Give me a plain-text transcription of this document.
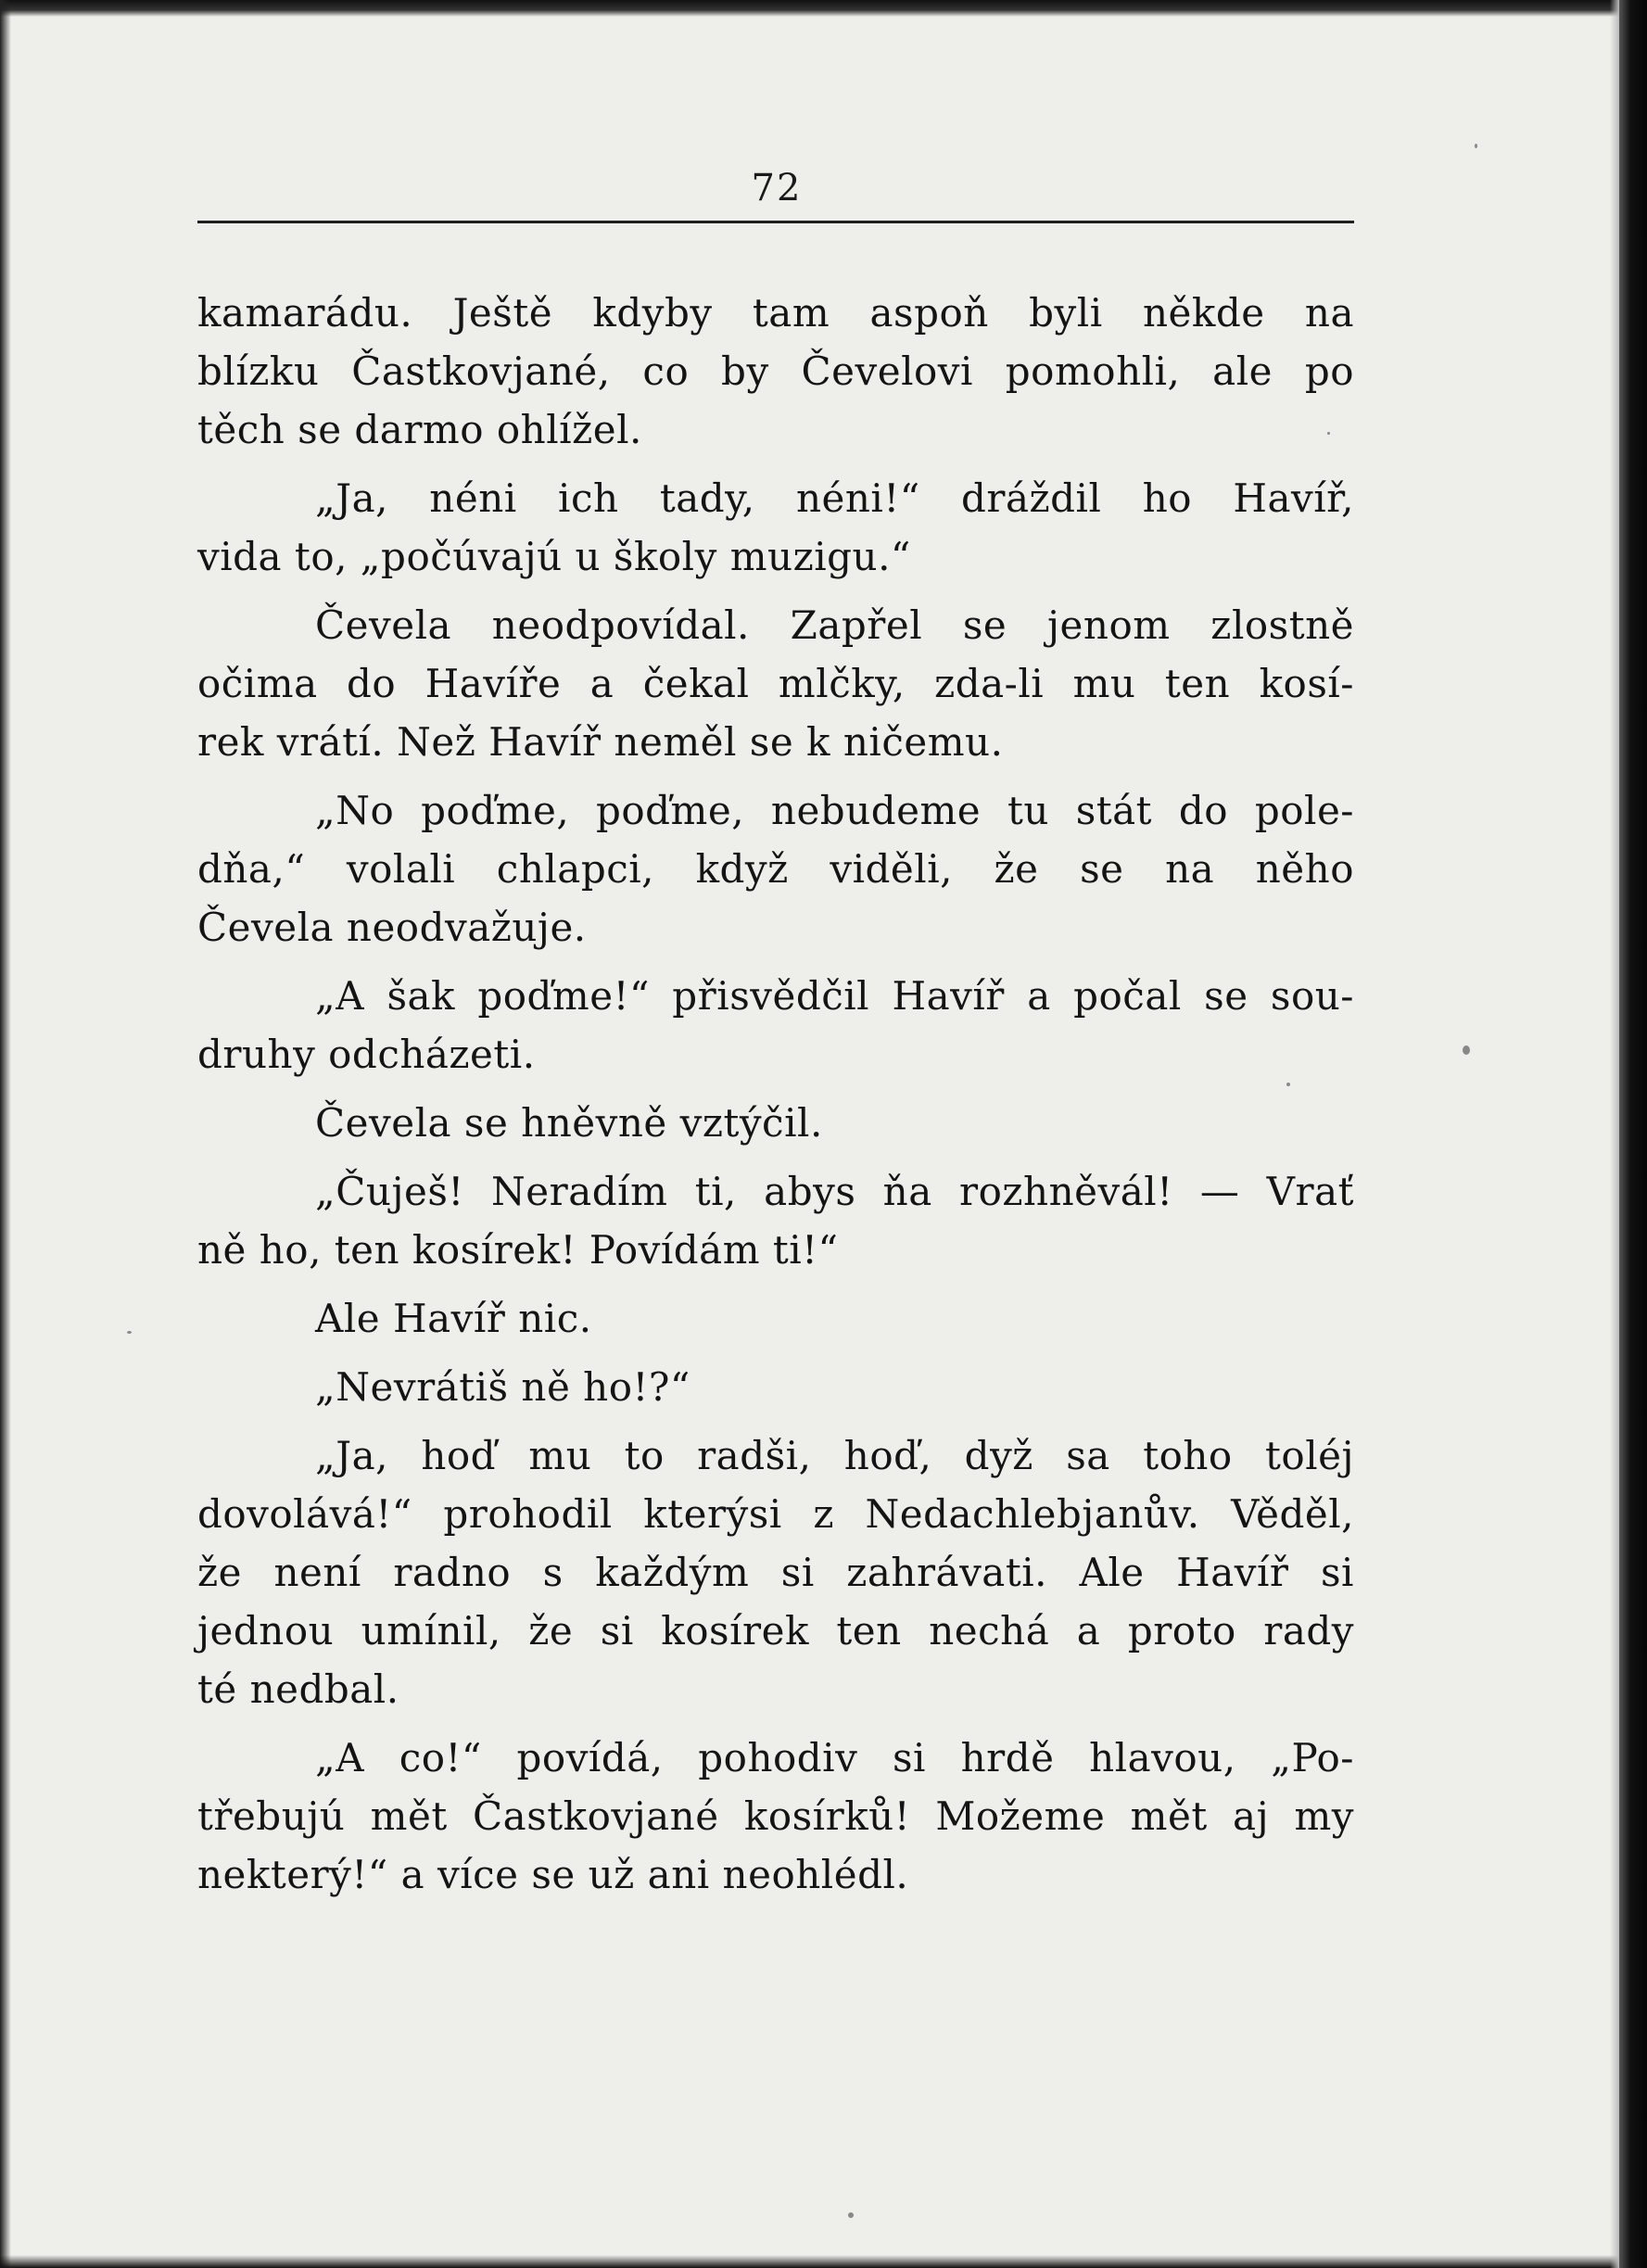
72
kamarádu. Ještě kdyby tam aspoň byli někde na
blízku Častkovjané, co by Čevelovi pomohli, ale po
těch se darmo ohlížel.
„Ja, néni ich tady, néni!“ dráždil ho Havíř,
vida to, „počúvajú u školy muzigu.“
Čevela neodpovídal. Zapřel se jenom zlostně
očima do Havíře a čekal mlčky, zda-li mu ten kosí-
rek vrátí. Než Havíř neměl se k ničemu.
„No poďme, poďme, nebudeme tu stát do pole-
dňa,“ volali chlapci, když viděli, že se na něho
Čevela neodvažuje.
„A šak poďme!“ přisvědčil Havíř a počal se sou-
druhy odcházeti.
Čevela se hněvně vztýčil.
„Čuješ! Neradím ti, abys ňa rozhněvál! — Vrať
ně ho, ten kosírek! Povídám ti!“
Ale Havíř nic.
„Nevrátiš ně ho!?“
„Ja, hoď mu to radši, hoď, dyž sa toho toléj
dovolává!“ prohodil kterýsi z Nedachlebjanův. Věděl,
že není radno s každým si zahrávati. Ale Havíř si
jednou umínil, že si kosírek ten nechá a proto rady
té nedbal.
„A co!“ povídá, pohodiv si hrdě hlavou, „Po-
třebujú mět Častkovjané kosírků! Možeme mět aj my
nekterý!“ a více se už ani neohlédl.
